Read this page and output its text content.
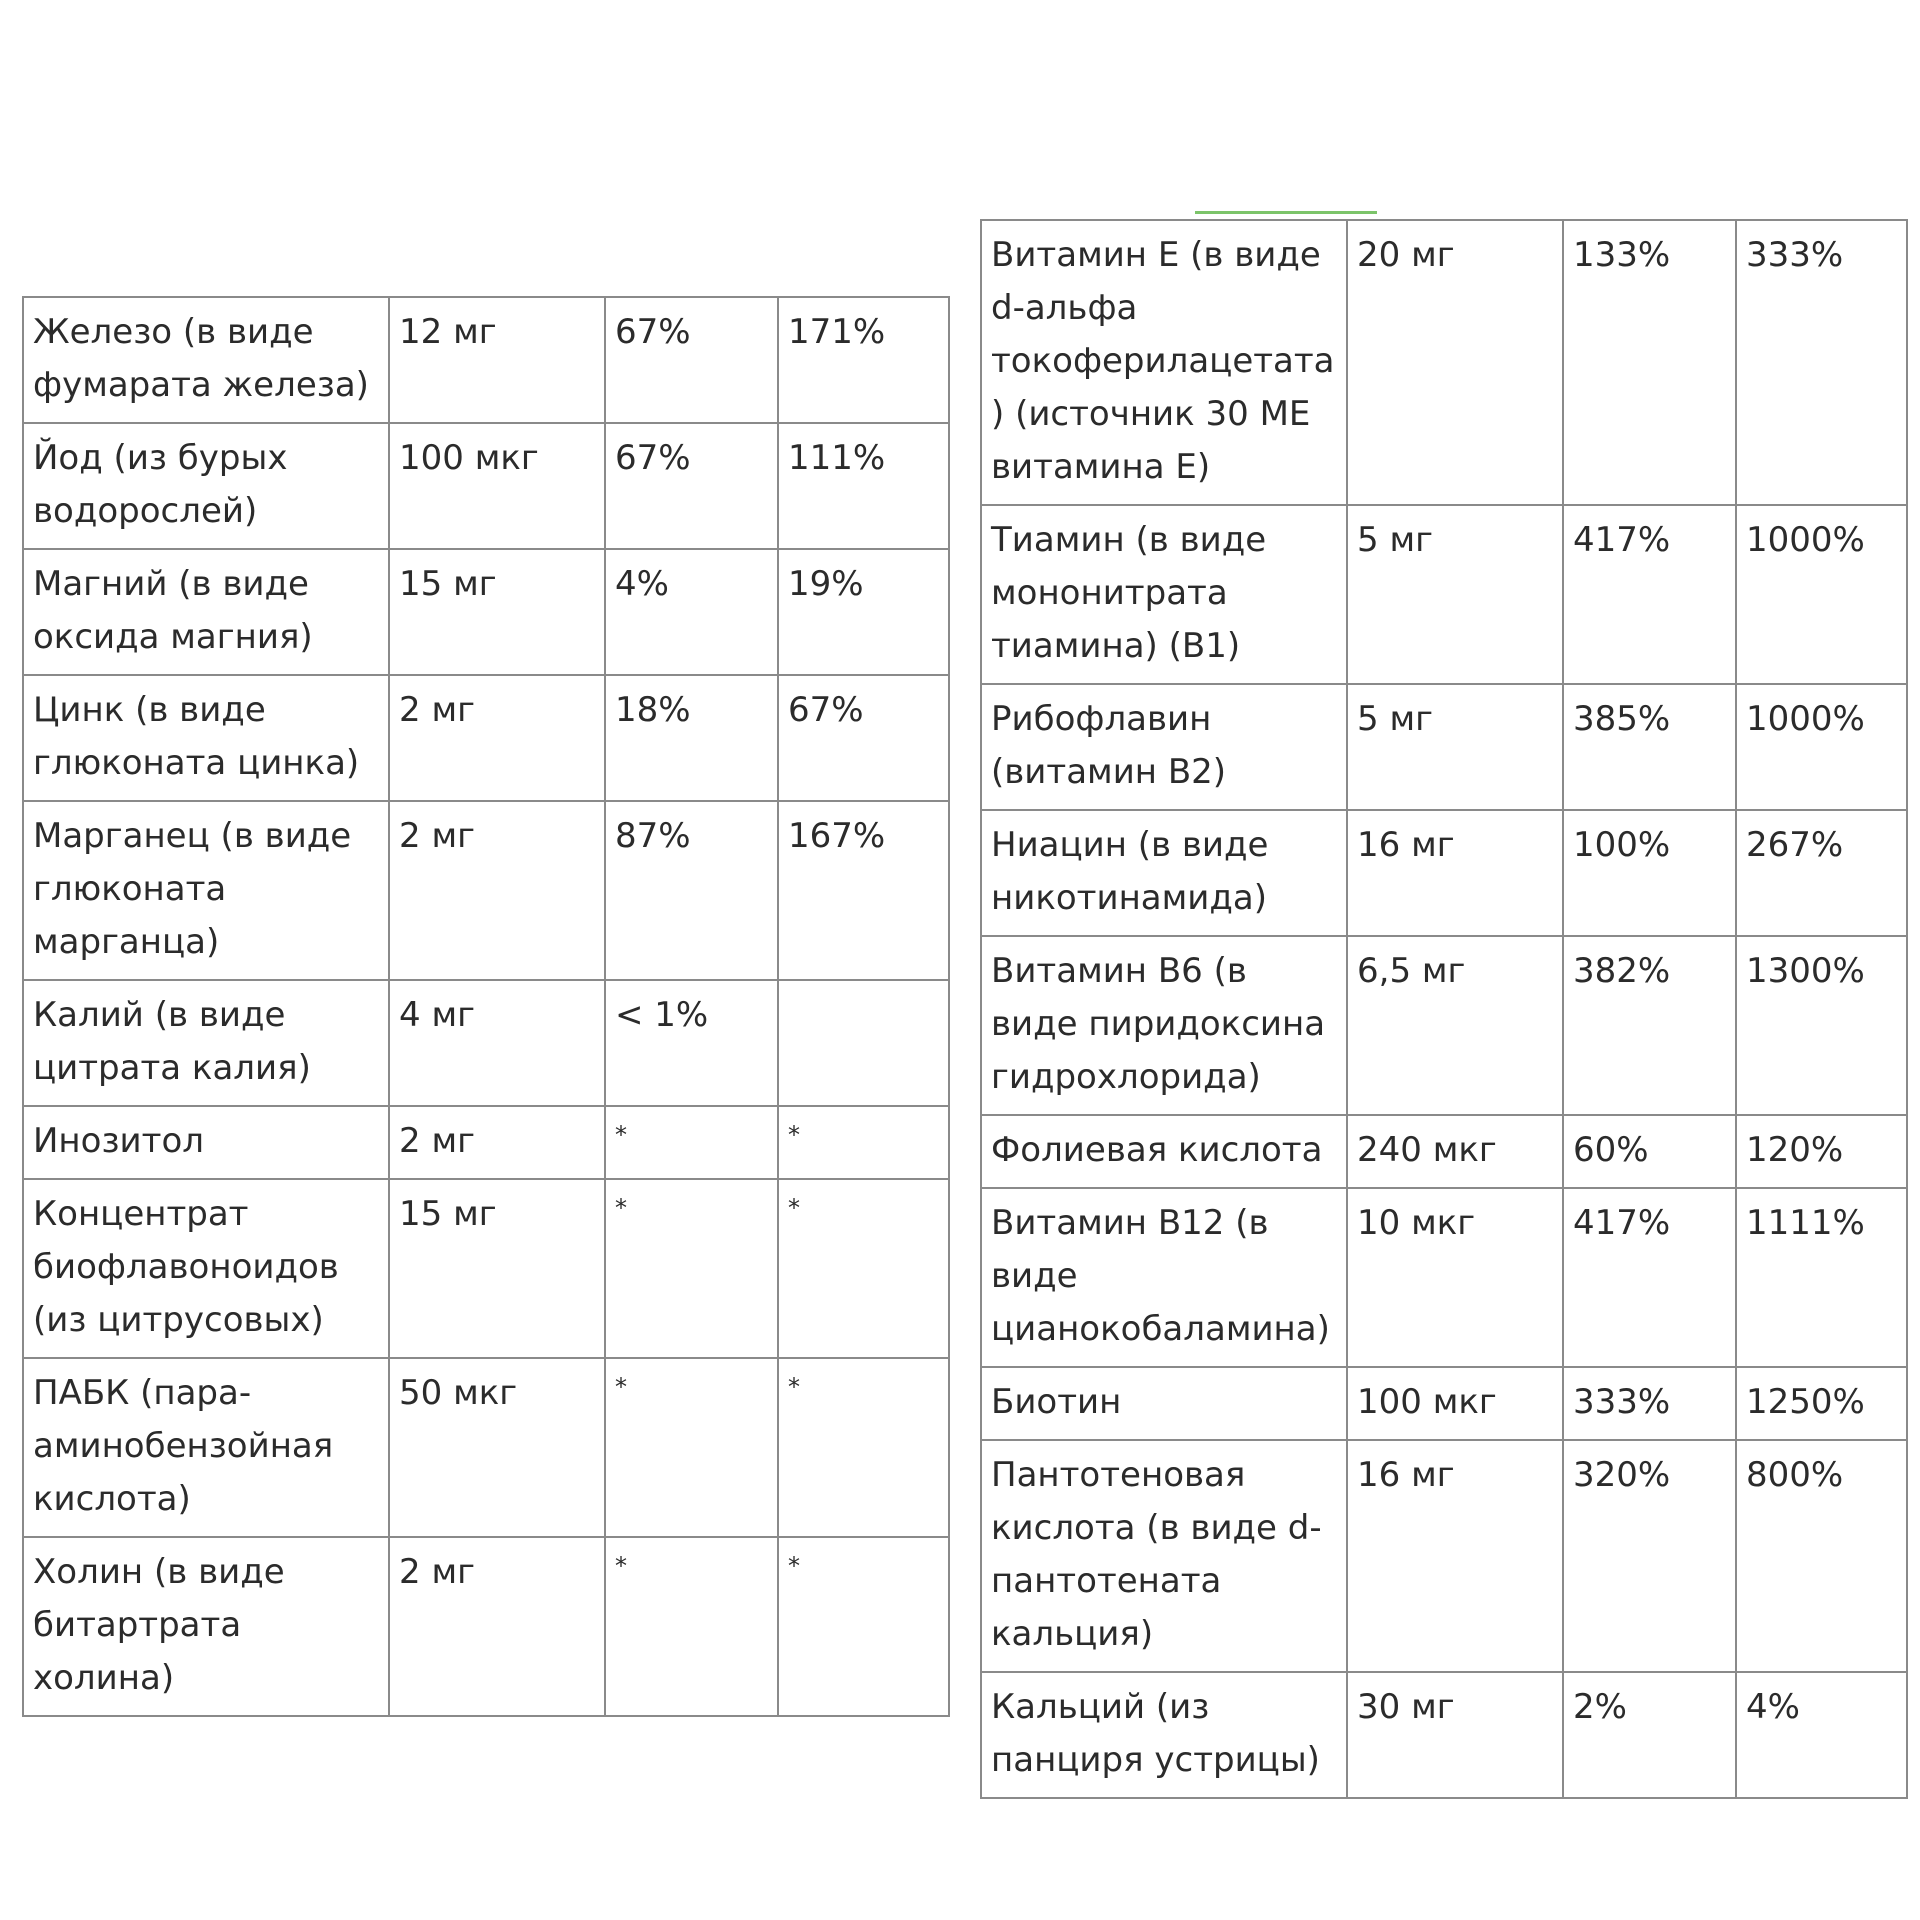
Железо (в виде фумарата железа)	12 мг	67%	171%
Йод (из бурых водорослей)	100 мкг	67%	111%
Магний (в виде оксида магния)	15 мг	4%	19%
Цинк (в виде глюконата цинка)	2 мг	18%	67%
Марганец (в виде глюконата марганца)	2 мг	87%	167%
Калий (в виде цитрата калия)	4 мг	< 1%	
Инозитол	2 мг	*	*
Концентрат биофлавоноидов (из цитрусовых)	15 мг	*	*
ПАБК (пара-аминобензойная кислота)	50 мкг	*	*
Холин (в виде битартрата холина)	2 мг	*	*
Витамин E (в виде d-альфа токоферилацетата) (источник 30 МЕ витамина E)	20 мг	133%	333%
Тиамин (в виде мононитрата тиамина) (B1)	5 мг	417%	1000%
Рибофлавин (витамин B2)	5 мг	385%	1000%
Ниацин (в виде никотинамида)	16 мг	100%	267%
Витамин B6 (в виде пиридоксина гидрохлорида)	6,5 мг	382%	1300%
Фолиевая кислота	240 мкг	60%	120%
Витамин B12 (в виде цианокобаламина)	10 мкг	417%	1111%
Биотин	100 мкг	333%	1250%
Пантотеновая кислота (в виде d-пантотената кальция)	16 мг	320%	800%
Кальций (из панциря устрицы)	30 мг	2%	4%
